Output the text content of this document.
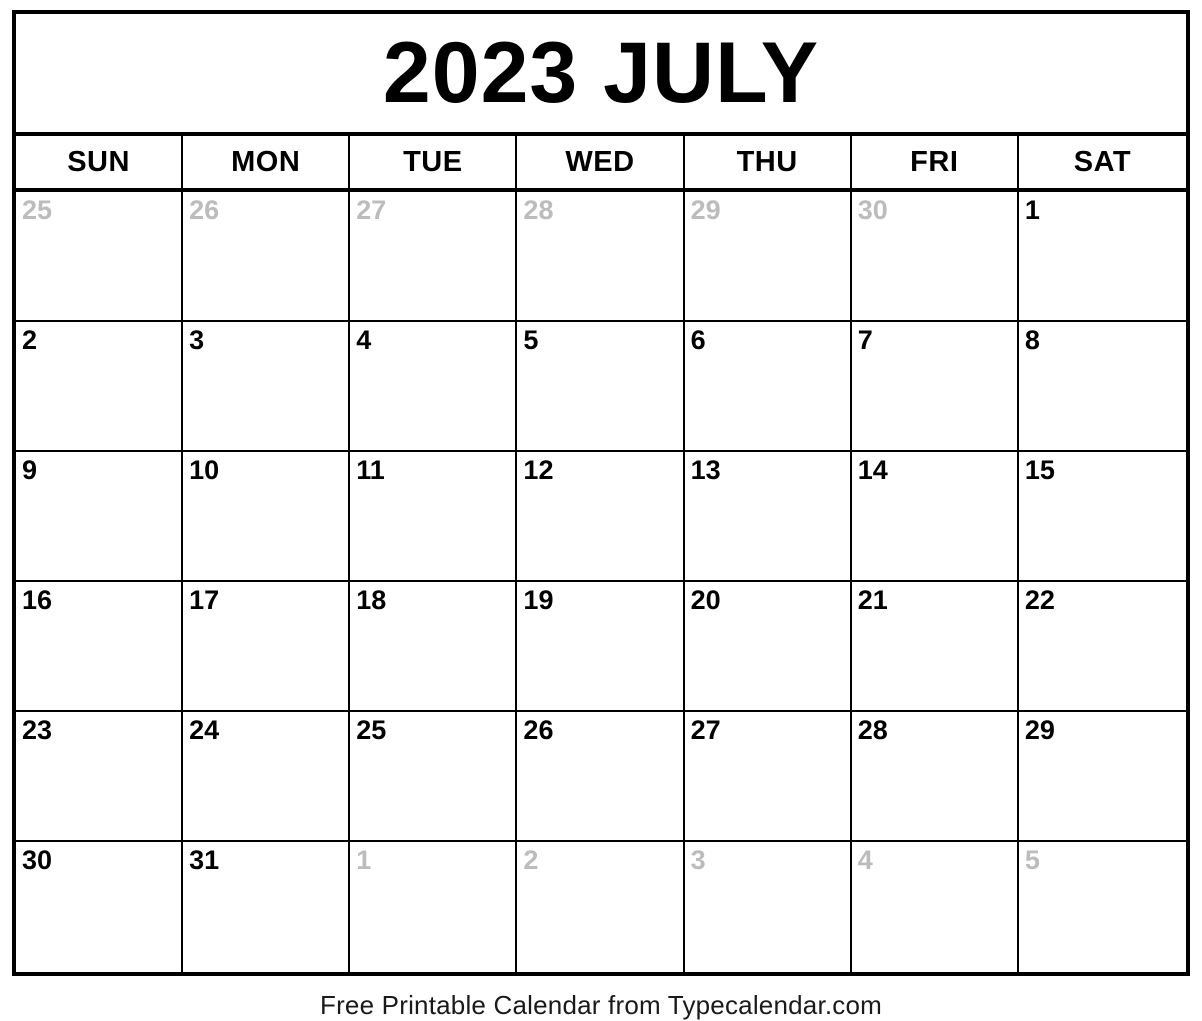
2023 JULY
SUN	MON	TUE	WED	THU	FRI	SAT
25	26	27	28	29	30	1
2	3	4	5	6	7	8
9	10	11	12	13	14	15
16	17	18	19	20	21	22
23	24	25	26	27	28	29
30	31	1	2	3	4	5
Free Printable Calendar from Typecalendar.com
